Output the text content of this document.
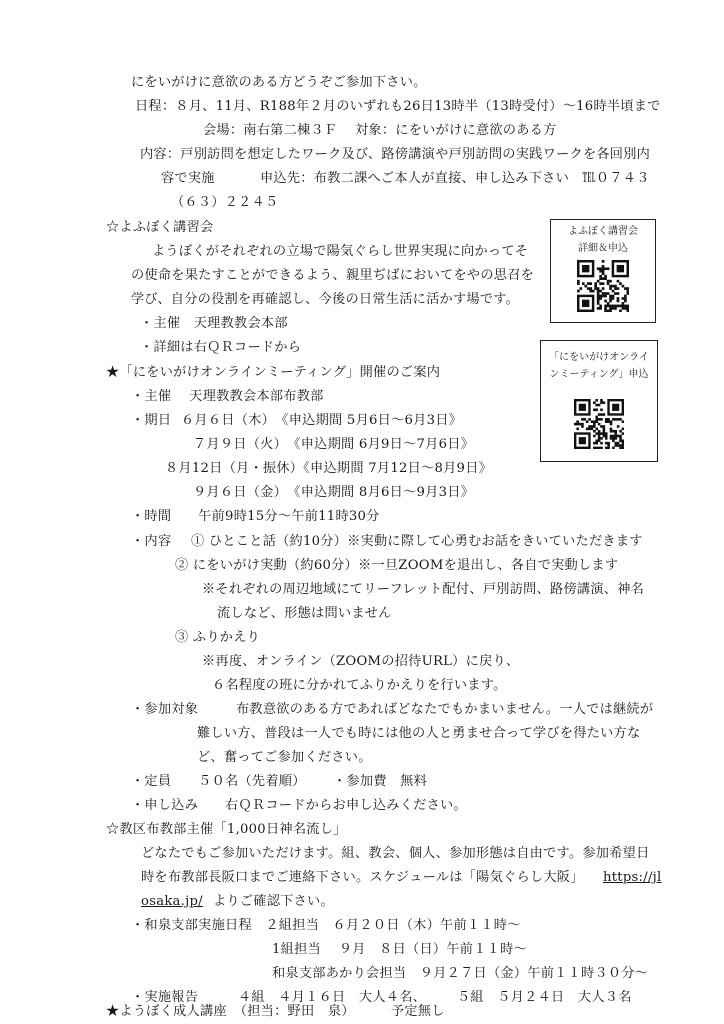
にをいがけに意欲のある方どうぞご参加下さい。
日程：８月、11月、R188年２月のいずれも26日13時半（13時受付）～16時半頃まで
会場：南右第二棟３Ｆ 対象：にをいがけに意欲のある方
内容：戸別訪問を想定したワーク及び、路傍講演や戸別訪問の実践ワークを各回別内
容で実施	申込先：布教二課へご本人が直接、申し込み下さい　℡０７４３
（６３）２２４５
☆よふぼく講習会
ようぼくがそれぞれの立場で陽気ぐらし世界実現に向かってそ
の使命を果たすことができるよう、親里ぢばにおいてをやの思召を
学び、自分の役割を再確認し、今後の日常生活に活かす場です。
・主催　天理教教会本部
・詳細は右ＱＲコードから
よふぼく講習会
詳細＆申込
★「にをいがけオンラインミーティング」開催のご案内
・主催　 天理教教会本部布教部
・期日 ６月６日（木）　《申込期間 5月6日～6月3日》
７月９日（火）　《申込期間 6月9日～7月6日》
８月12日（月・振休）《申込期間 7月12日～8月9日》
９月６日（金）　《申込期間 8月6日～9月3日》
・時間　　午前9時15分～午前11時30分
「にをいがけオンライ
ンミーティング」申込
・内容 ① ひとこと話（約10分）※実動に際して心勇むお話をきいていただきます
② にをいがけ実動（約60分）※一旦ZOOMを退出し、各自で実動します
※それぞれの周辺地域にてリーフレット配付、戸別訪問、路傍講演、神名
流しなど、形態は問いません
③ ふりかえり
※再度、オンライン（ZOOMの招待URL）に戻り、
６名程度の班に分かれてふりかえりを行います。
・参加対象	布教意欲のある方であればどなたでもかまいません。一人では継続が
難しい方、普段は一人でも時には他の人と勇ませ合って学びを得たい方な
ど、奮ってご参加ください。
・定員　　５０名（先着順） ・参加費　無料
・申し込み　　右ＱＲコードからお申し込みください。
☆教区布教部主催「1,000日神名流し」
どなたでもご参加いただけます。組、教会、個人、参加形態は自由です。参加希望日
時を布教部長阪口までご連絡下さい。スケジュールは「陽気ぐらし大阪」 https://jl
osaka.jp/ よりご確認下さい。
・和泉支部実施日程　２組担当　６月２０日（木）午前１１時～
1組担当　 ９月　８日（日）午前１１時～
和泉支部あかり会担当　９月２７日（金）午前１１時３０分～
・実施報告	４組　４月１６日　大人４名、 ５組　５月２４日　大人３名
★ようぼく成人講座　（担当：野田　泉）	予定無し
